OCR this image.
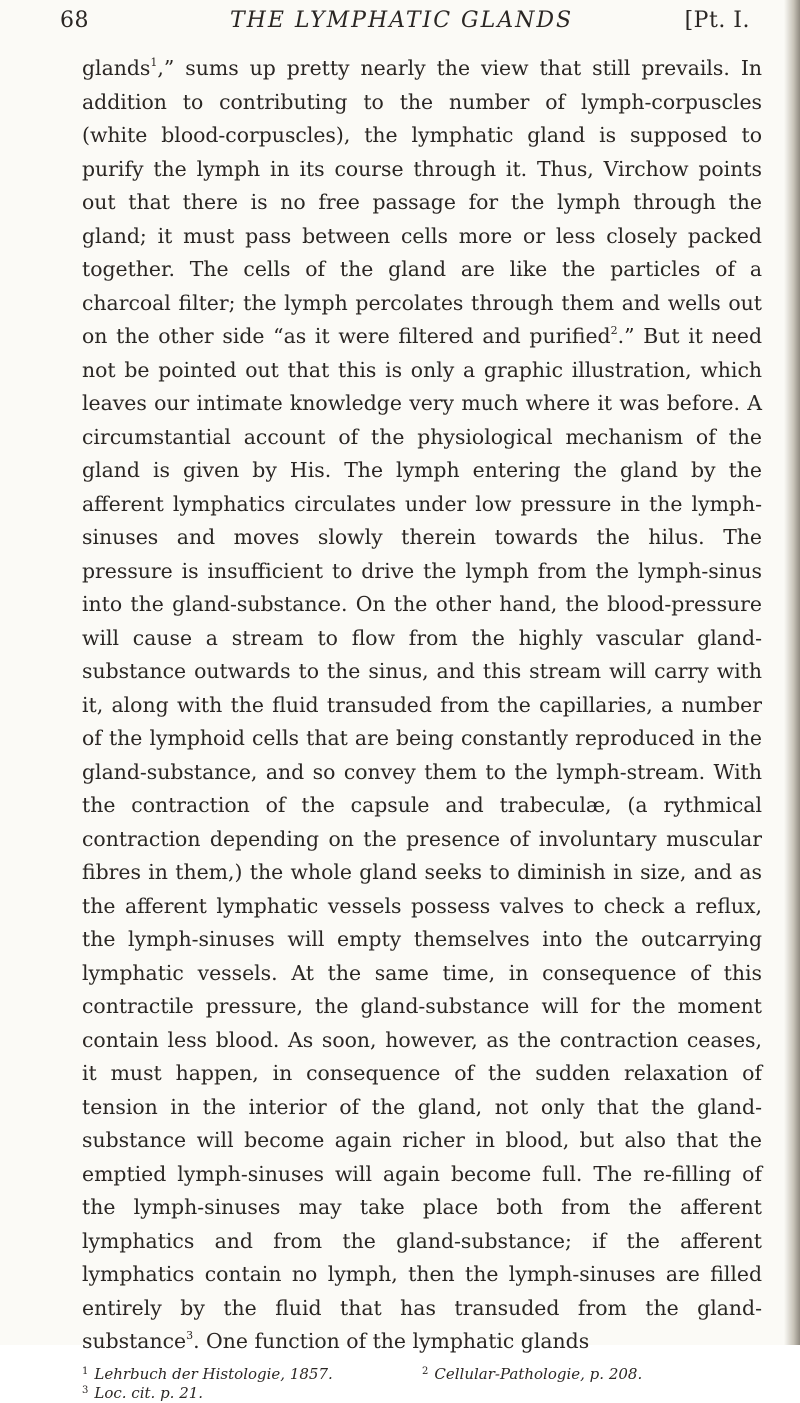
68	THE LYMPHATIC GLANDS	[Pt. I.

glands$^1$,” sums up pretty nearly the view that still prevails. In addition to contributing to the number of lymph-corpuscles (white blood-corpuscles), the lymphatic gland is supposed to purify the lymph in its course through it. Thus, Virchow points out that there is no free passage for the lymph through the gland; it must pass between cells more or less closely packed together. The cells of the gland are like the particles of a charcoal filter; the lymph percolates through them and wells out on the other side “as it were filtered and purified$^2$.” But it need not be pointed out that this is only a graphic illustration, which leaves our intimate knowledge very much where it was before. A circumstantial account of the physiological mechanism of the gland is given by His. The lymph entering the gland by the afferent lymphatics circulates under low pressure in the lymph-sinuses and moves slowly therein towards the hilus. The pressure is insufficient to drive the lymph from the lymph-sinus into the gland-substance. On the other hand, the blood-pressure will cause a stream to flow from the highly vascular gland-substance outwards to the sinus, and this stream will carry with it, along with the fluid transuded from the capillaries, a number of the lymphoid cells that are being constantly reproduced in the gland-substance, and so convey them to the lymph-stream. With the contraction of the capsule and trabeculæ, (a rythmical contraction depending on the presence of involuntary muscular fibres in them,) the whole gland seeks to diminish in size, and as the afferent lymphatic vessels possess valves to check a reflux, the lymph-sinuses will empty themselves into the outcarrying lymphatic vessels. At the same time, in consequence of this contractile pressure, the gland-substance will for the moment contain less blood. As soon, however, as the contraction ceases, it must happen, in consequence of the sudden relaxation of tension in the interior of the gland, not only that the gland-substance will become again richer in blood, but also that the emptied lymph-sinuses will again become full. The re-filling of the lymph-sinuses may take place both from the afferent lymphatics and from the gland-substance; if the afferent lymphatics contain no lymph, then the lymph-sinuses are filled entirely by the fluid that has transuded from the gland-substance$^3$. One function of the lymphatic glands

$^1$ Lehrbuch der Histologie, 1857.	$^2$ Cellular-Pathologie, p. 208.
$^3$ Loc. cit. p. 21.
